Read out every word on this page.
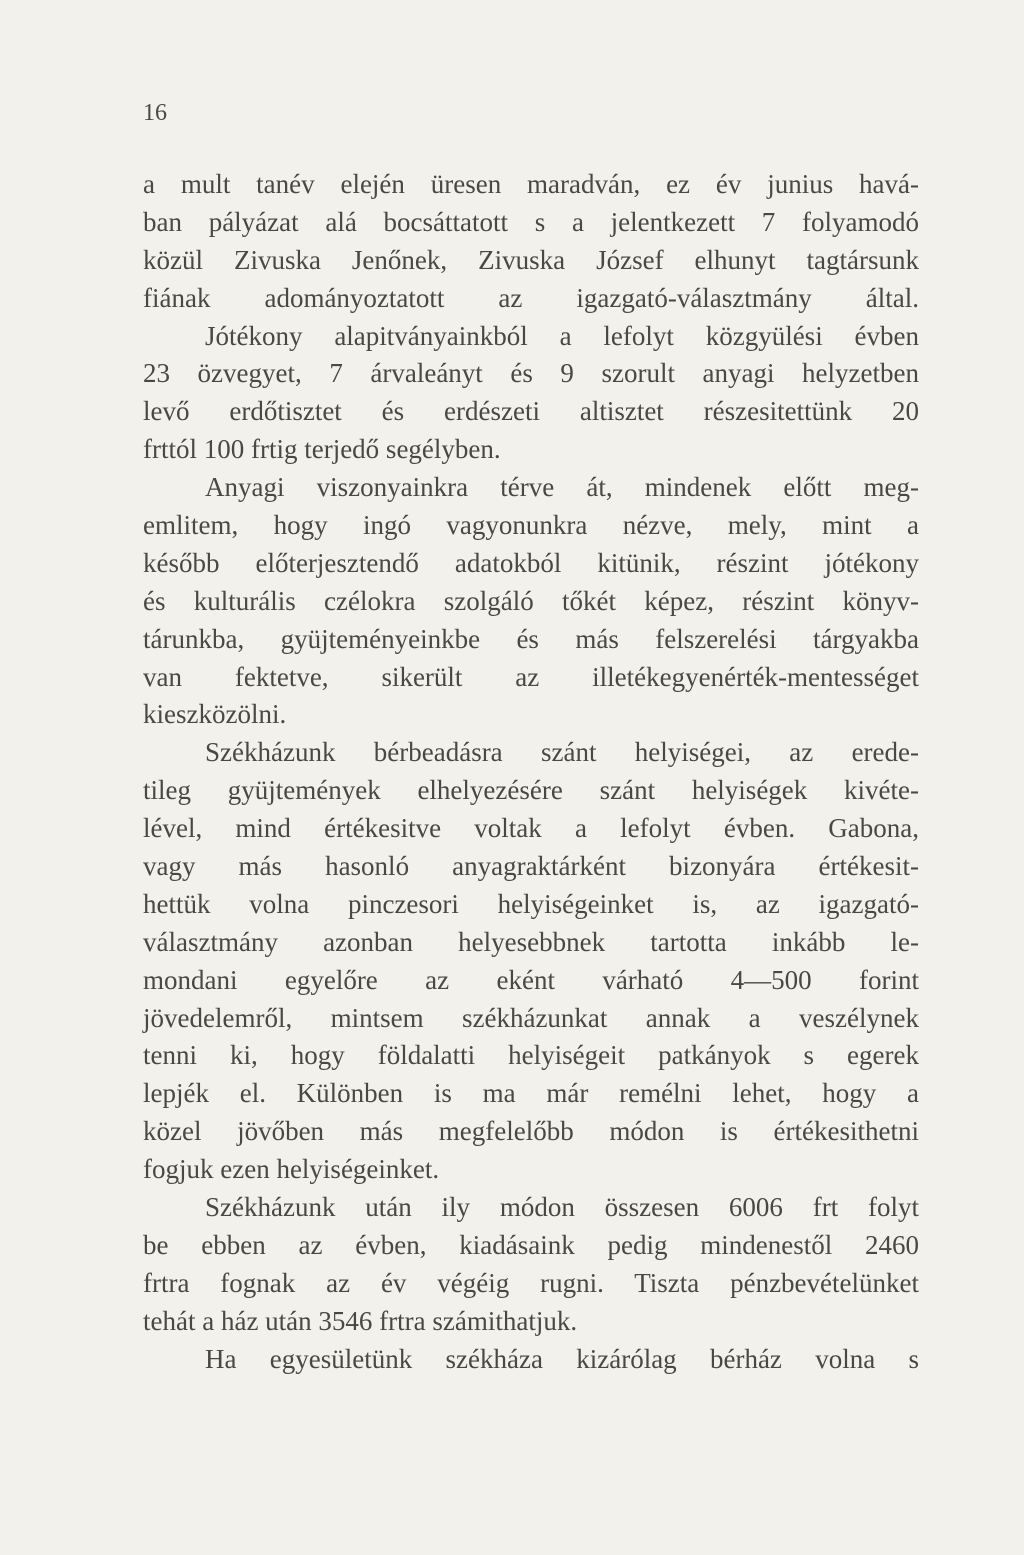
16
a mult tanév elején üresen maradván, ez év junius havá-
ban pályázat alá bocsáttatott s a jelentkezett 7 folyamodó
közül Zivuska Jenőnek, Zivuska József elhunyt tagtársunk
fiának adományoztatott az igazgató-választmány által.
Jótékony alapitványainkból a lefolyt közgyülési évben
23 özvegyet, 7 árvaleányt és 9 szorult anyagi helyzetben
levő erdőtisztet és erdészeti altisztet részesitettünk 20
frttól 100 frtig terjedő segélyben.
Anyagi viszonyainkra térve át, mindenek előtt meg-
emlitem, hogy ingó vagyonunkra nézve, mely, mint a
később előterjesztendő adatokból kitünik, részint jótékony
és kulturális czélokra szolgáló tőkét képez, részint könyv-
tárunkba, gyüjteményeinkbe és más felszerelési tárgyakba
van fektetve, sikerült az illetékegyenérték-mentességet
kieszközölni.
Székházunk bérbeadásra szánt helyiségei, az erede-
tileg gyüjtemények elhelyezésére szánt helyiségek kivéte-
lével, mind értékesitve voltak a lefolyt évben. Gabona,
vagy más hasonló anyagraktárként bizonyára értékesit-
hettük volna pinczesori helyiségeinket is, az igazgató-
választmány azonban helyesebbnek tartotta inkább le-
mondani egyelőre az eként várható 4—500 forint
jövedelemről, mintsem székházunkat annak a veszélynek
tenni ki, hogy földalatti helyiségeit patkányok s egerek
lepjék el. Különben is ma már remélni lehet, hogy a
közel jövőben más megfelelőbb módon is értékesithetni
fogjuk ezen helyiségeinket.
Székházunk után ily módon összesen 6006 frt folyt
be ebben az évben, kiadásaink pedig mindenestől 2460
frtra fognak az év végéig rugni. Tiszta pénzbevételünket
tehát a ház után 3546 frtra számithatjuk.
Ha egyesületünk székháza kizárólag bérház volna s
